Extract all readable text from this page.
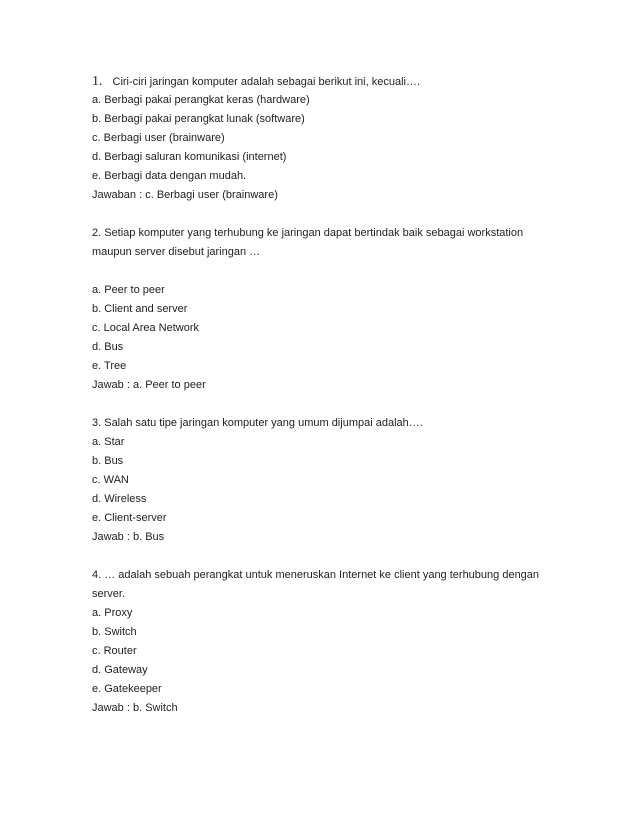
1. Ciri-ciri jaringan komputer adalah sebagai berikut ini, kecuali….
a. Berbagi pakai perangkat keras (hardware)
b. Berbagi pakai perangkat lunak (software)
c. Berbagi user (brainware)
d. Berbagi saluran komunikasi (internet)
e. Berbagi data dengan mudah.
Jawaban : c. Berbagi user (brainware)
2. Setiap komputer yang terhubung ke jaringan dapat bertindak baik sebagai workstation
maupun server disebut jaringan …
a. Peer to peer
b. Client and server
c. Local Area Network
d. Bus
e. Tree
Jawab : a. Peer to peer
3. Salah satu tipe jaringan komputer yang umum dijumpai adalah….
a. Star
b. Bus
c. WAN
d. Wireless
e. Client-server
Jawab : b. Bus
4. … adalah sebuah perangkat untuk meneruskan Internet ke client yang terhubung dengan
server.
a. Proxy
b. Switch
c. Router
d. Gateway
e. Gatekeeper
Jawab : b. Switch
